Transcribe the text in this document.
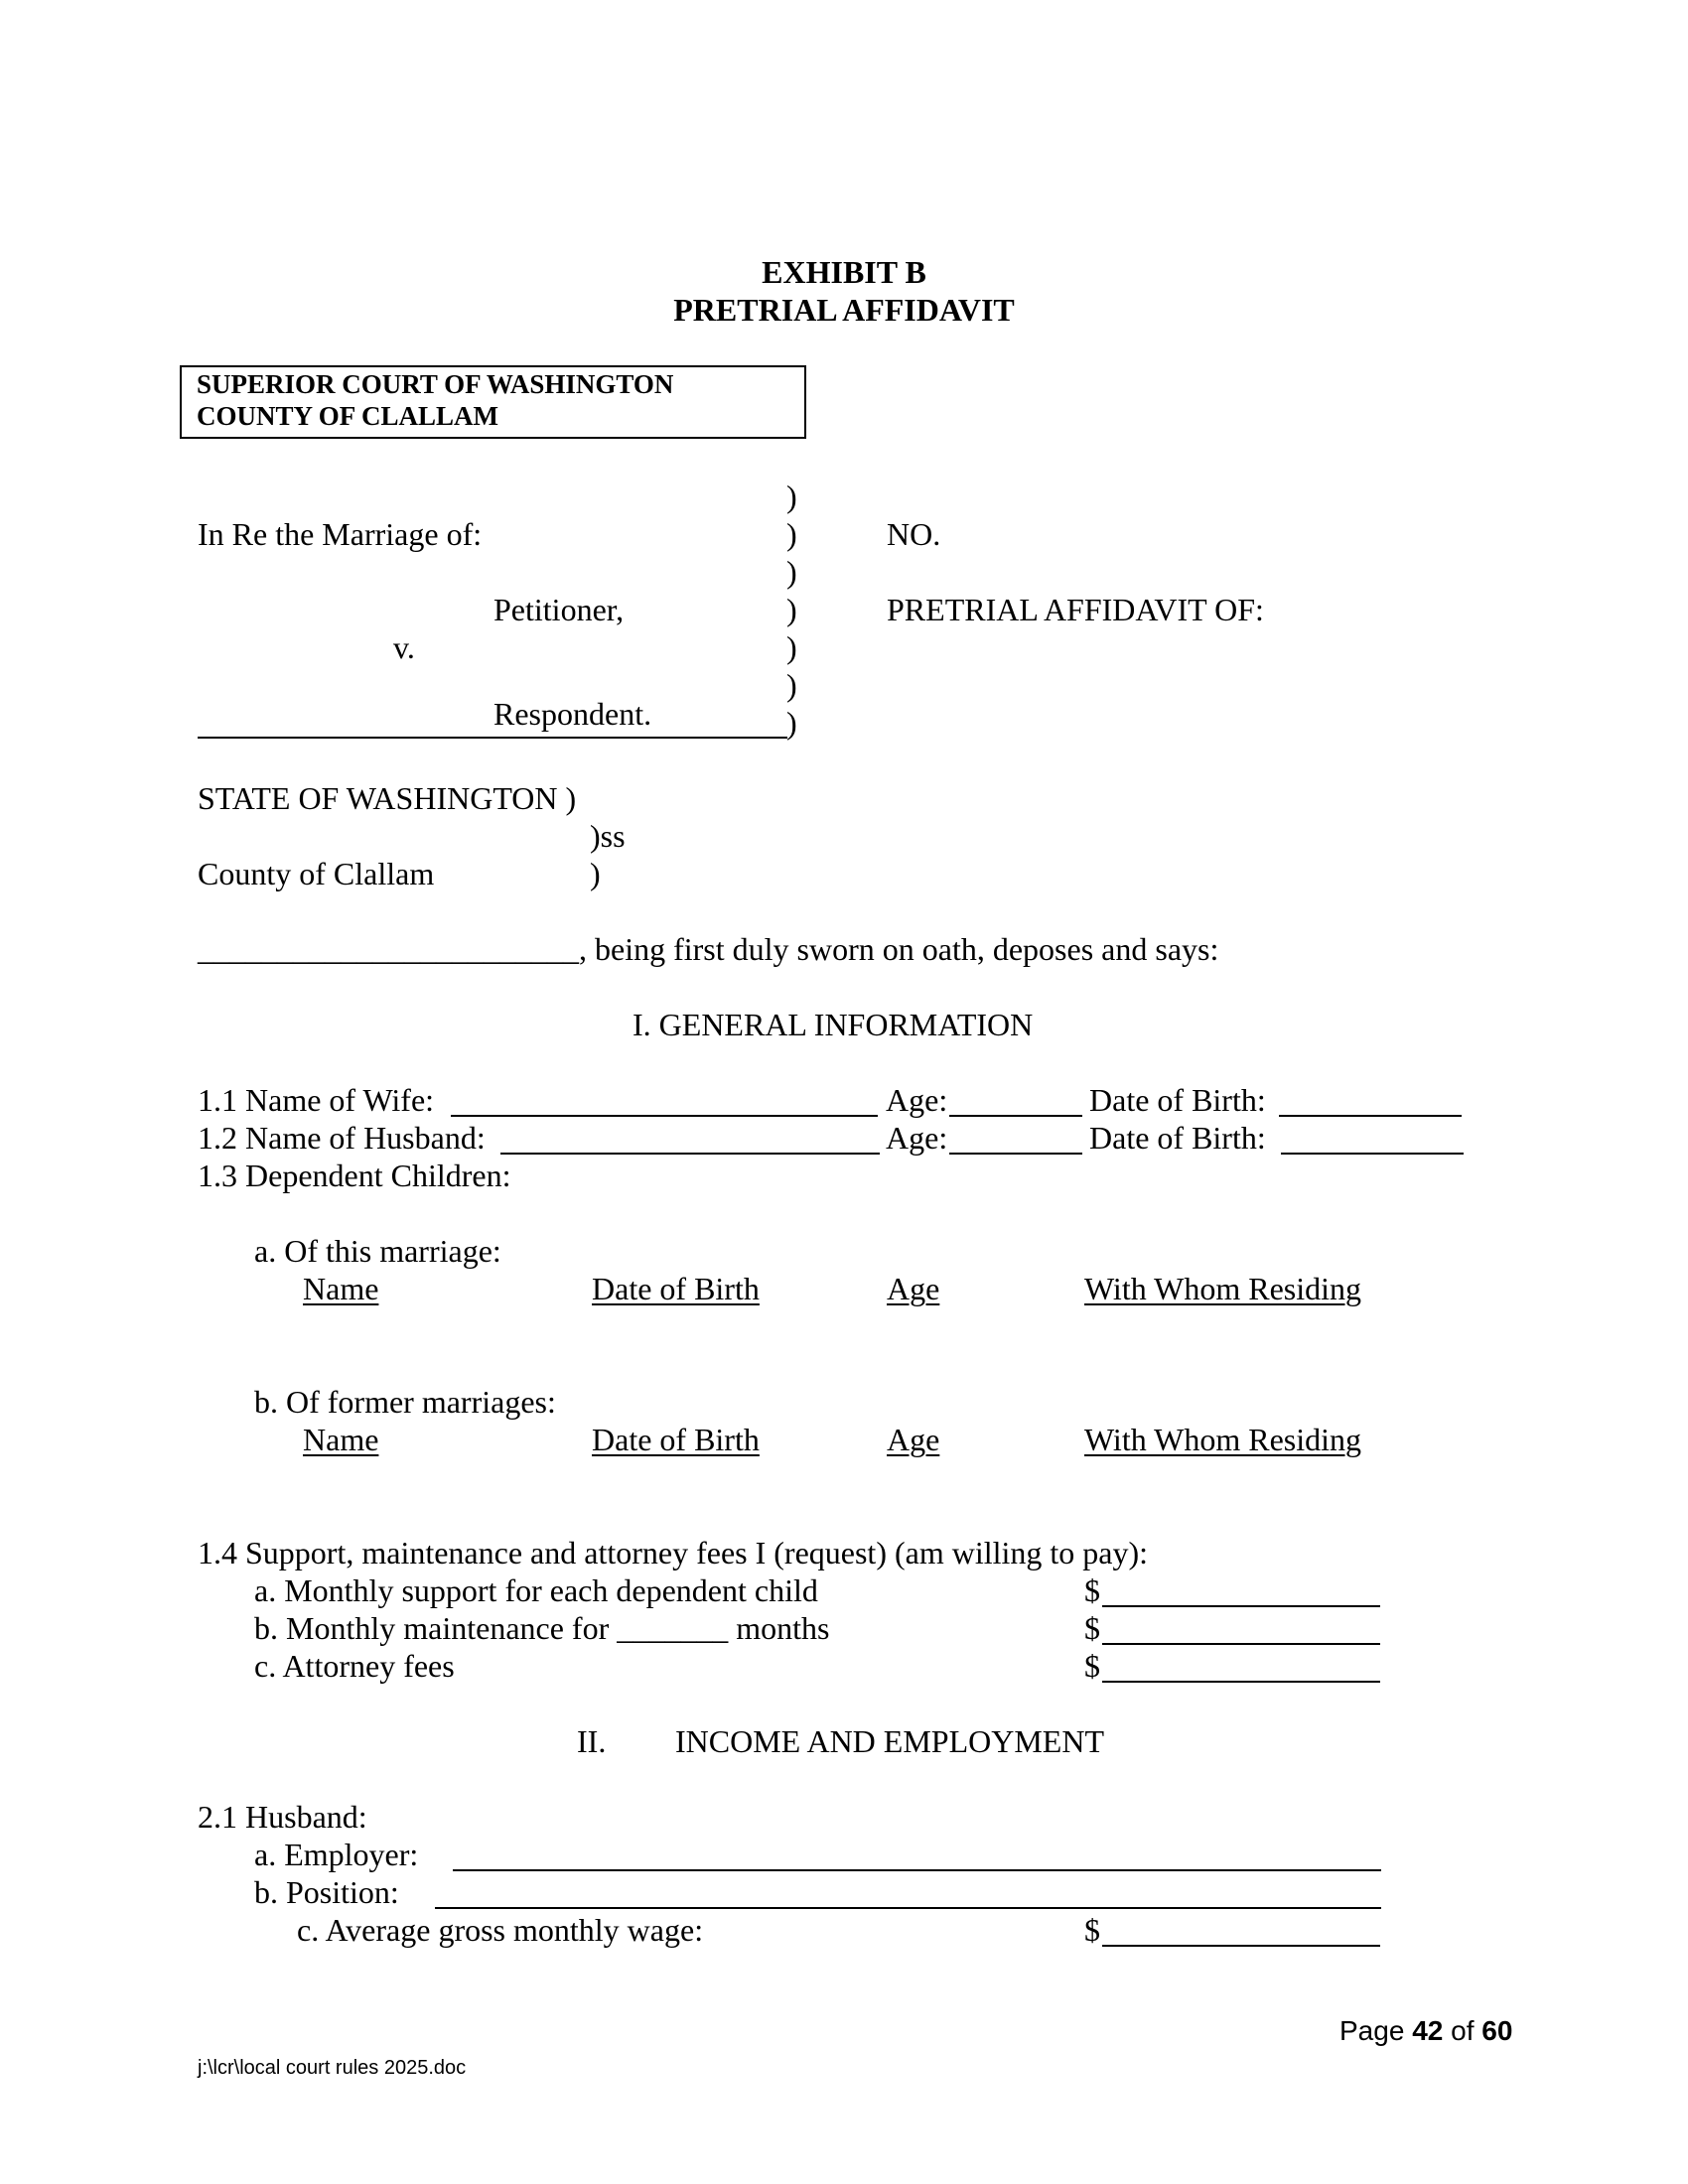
EXHIBIT B
PRETRIAL AFFIDAVIT
SUPERIOR COURT OF WASHINGTON
COUNTY OF CLALLAM
)
)
)
)
)
)
)
In Re the Marriage of:
Petitioner,
v.
Respondent.
NO.
PRETRIAL AFFIDAVIT OF:
STATE OF WASHINGTON )
)ss
County of Clallam	)
________________________, being first duly sworn on oath, deposes and says:
I. GENERAL INFORMATION
1.1 Name of Wife:	Age:	Date of Birth:
1.2 Name of Husband:	Age:	Date of Birth:
1.3 Dependent Children:
a. Of this marriage:
Name	Date of Birth	Age	With Whom Residing
b. Of former marriages:
Name	Date of Birth	Age	With Whom Residing
1.4 Support, maintenance and attorney fees I (request) (am willing to pay):
a. Monthly support for each dependent child	$
b. Monthly maintenance for _______ months	$
c. Attorney fees	$
II. INCOME AND EMPLOYMENT
2.1 Husband:
a. Employer:
b. Position:
c. Average gross monthly wage:	$
Page 42 of 60
j:\lcr\local court rules 2025.doc
